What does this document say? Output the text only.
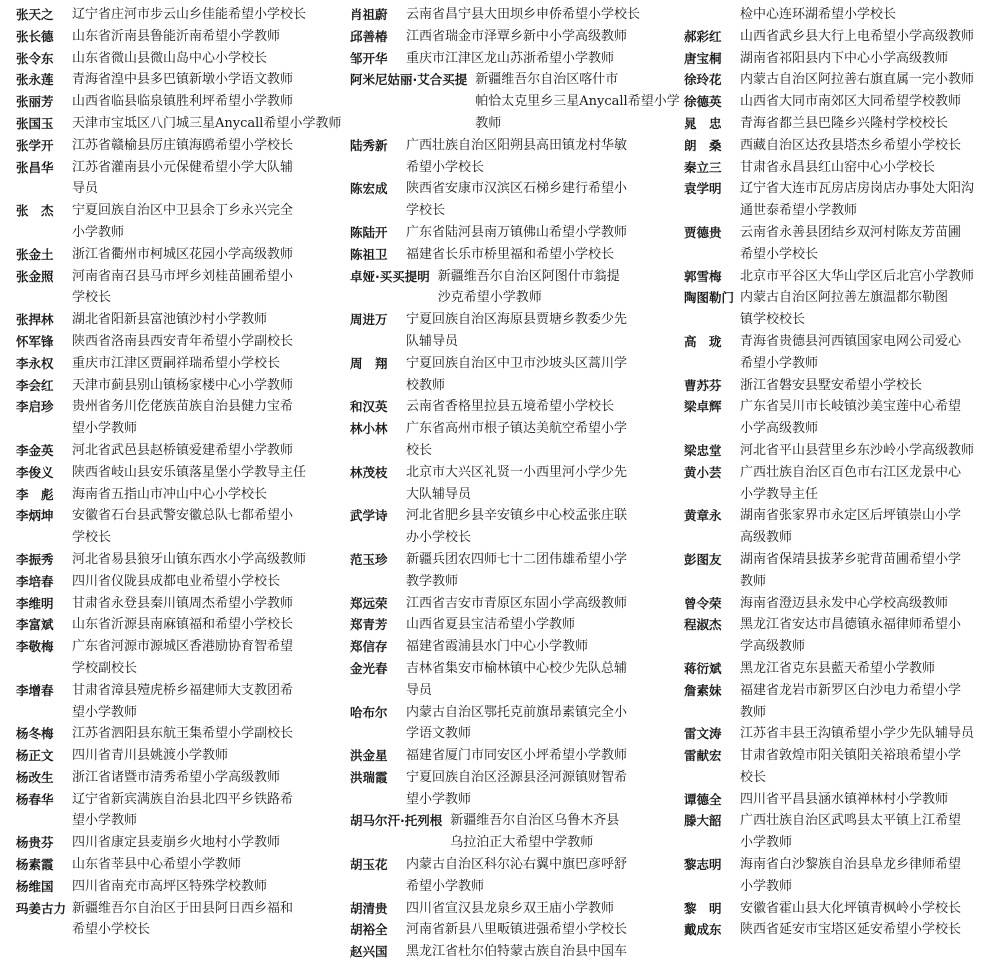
张天之	辽宁省庄河市步云山乡佳能希望小学校长
张长德	山东省沂南县鲁能沂南希望小学教师
张令东	山东省微山县微山岛中心小学校长
张永莲	青海省湟中县多巴镇新墩小学语文教师
张丽芳	山西省临县临泉镇胜利坪希望小学教师
张国玉	天津市宝坻区八门城三星Anycall希望小学教师
张学开	江苏省赣榆县厉庄镇海鸥希望小学校长
张昌华	江苏省灌南县小元保健希望小学大队辅
导员
张　杰	宁夏回族自治区中卫县余丁乡永兴完全
小学教师
张金土	浙江省衢州市柯城区花园小学高级教师
张金照	河南省南召县马市坪乡刘桂苗圃希望小
学校长
张捍林	湖北省阳新县富池镇沙村小学教师
怀军锋	陕西省洛南县西安青年希望小学副校长
李永权	重庆市江津区贾嗣祥瑞希望小学校长
李会红	天津市蓟县别山镇杨家楼中心小学教师
李启珍	贵州省务川仡佬族苗族自治县健力宝希
望小学教师
李金英	河北省武邑县赵桥镇爱建希望小学教师
李俊义	陕西省岐山县安乐镇落星堡小学教导主任
李　彪	海南省五指山市冲山中心小学校长
李炳坤	安徽省石台县武警安徽总队七都希望小
学校长
李振秀	河北省易县狼牙山镇东西水小学高级教师
李培春	四川省仪陇县成都电业希望小学校长
李维明	甘肃省永登县秦川镇周杰希望小学教师
李富斌	山东省沂源县南麻镇福和希望小学校长
李敬梅	广东省河源市源城区香港励协育智希望
学校副校长
李增春	甘肃省漳县殪虎桥乡福建师大支教团希
望小学教师
杨冬梅	江苏省泗阳县东航王集希望小学副校长
杨正文	四川省青川县姚渡小学教师
杨改生	浙江省诸暨市清秀希望小学高级教师
杨春华	辽宁省新宾满族自治县北四平乡铁路希
望小学教师
杨贵芬	四川省康定县麦崩乡火地村小学教师
杨素霞	山东省莘县中心希望小学教师
杨维国	四川省南充市高坪区特殊学校教师
玛姜古力 新疆维吾尔自治区于田县阿日西乡福和
希望小学校长
肖祖蔚	云南省昌宁县大田坝乡申侨希望小学校长
邱善椿	江西省瑞金市泽覃乡新中小学高级教师
邹开华	重庆市江津区龙山苏浙希望小学教师
阿米尼姑丽·艾合买提 新疆维吾尔自治区喀什市
帕恰太克里乡三星Anycall希望小学教师
陆秀新	广西壮族自治区阳朔县高田镇龙村华敏
希望小学校长
陈宏成	陕西省安康市汉滨区石梯乡建行希望小
学校长
陈陆开	广东省陆河县南万镇佛山希望小学教师
陈祖卫	福建省长乐市桥里福和希望小学校长
卓娅·买买提明 新疆维吾尔自治区阿图什市翁提
沙克希望小学教师
周进万	宁夏回族自治区海原县贾塘乡教委少先
队辅导员
周　翔	宁夏回族自治区中卫市沙坡头区蒿川学
校教师
和汉英	云南省香格里拉县五境希望小学校长
林小林	广东省高州市根子镇达美航空希望小学
校长
林茂枝	北京市大兴区礼贤一小西里河小学少先
大队辅导员
武学诗	河北省肥乡县辛安镇乡中心校孟张庄联
办小学校长
范玉珍	新疆兵团农四师七十二团伟雄希望小学
教学教师
郑远荣	江西省吉安市青原区东固小学高级教师
郑青芳	山西省夏县宝洁希望小学教师
郑信存	福建省霞浦县水门中心小学教师
金光春	吉林省集安市榆林镇中心校少先队总辅
导员
哈布尔	内蒙古自治区鄂托克前旗昂素镇完全小
学语文教师
洪金星	福建省厦门市同安区小坪希望小学教师
洪瑞霞	宁夏回族自治区泾源县泾河源镇财智希
望小学教师
胡马尔汗·托列根 新疆维吾尔自治区乌鲁木齐县
乌拉泊正大希望中学教师
胡玉花	内蒙古自治区科尔沁右翼中旗巴彦呼舒
希望小学教师
胡清贵	四川省宣汉县龙泉乡双王庙小学教师
胡裕全	河南省新县八里畈镇进强希望小学校长
赵兴国	黑龙江省杜尔伯特蒙古族自治县中国车
检中心连环湖希望小学校长
郝彩红	山西省武乡县大行上电希望小学高级教师
唐宝桐	湖南省祁阳县内下中心小学高级教师
徐玲花	内蒙古自治区阿拉善右旗直属一完小教师
徐德英	山西省大同市南郊区大同希望学校教师
晁　忠	青海省都兰县巴隆乡兴隆村学校校长
朗　桑	西藏自治区达孜县塔杰乡希望小学校长
秦立三	甘肃省永昌县红山窑中心小学校长
袁学明	辽宁省大连市瓦房店房岗店办事处大阳沟
通世泰希望小学教师
贾德贵	云南省永善县团结乡双河村陈友芳苗圃
希望小学校长
郭雪梅	北京市平谷区大华山学区后北宫小学教师
陶图勒门 内蒙古自治区阿拉善左旗温都尔勒图
镇学校校长
高　珑	青海省贵德县河西镇国家电网公司爱心
希望小学教师
曹苏芬	浙江省磐安县墅安希望小学校长
梁卓辉	广东省吴川市长岐镇沙美宝莲中心希望
小学高级教师
梁忠堂	河北省平山县营里乡东沙岭小学高级教师
黄小芸	广西壮族自治区百色市右江区龙景中心
小学教导主任
黄章永	湖南省张家界市永定区后坪镇崇山小学
高级教师
彭图友	湖南省保靖县拔茅乡驼背苗圃希望小学
教师
曾令荣	海南省澄迈县永发中心学校高级教师
程淑杰	黑龙江省安达市昌德镇永福律师希望小
学高级教师
蒋衍斌	黑龙江省克东县藍天希望小学教师
詹素妹	福建省龙岩市新罗区白沙电力希望小学
教师
雷文涛	江苏省丰县王沟镇希望小学少先队辅导员
雷献宏	甘肃省敦煌市阳关镇阳关裕琅希望小学
校长
谭德全	四川省平昌县涵水镇禅林村小学教师
滕大韶	广西壮族自治区武鸣县太平镇上江希望
小学教师
黎志明	海南省白沙黎族自治县阜龙乡律师希望
小学教师
黎　明	安徽省霍山县大化坪镇青枫岭小学校长
戴成东	陕西省延安市宝塔区延安希望小学校长
